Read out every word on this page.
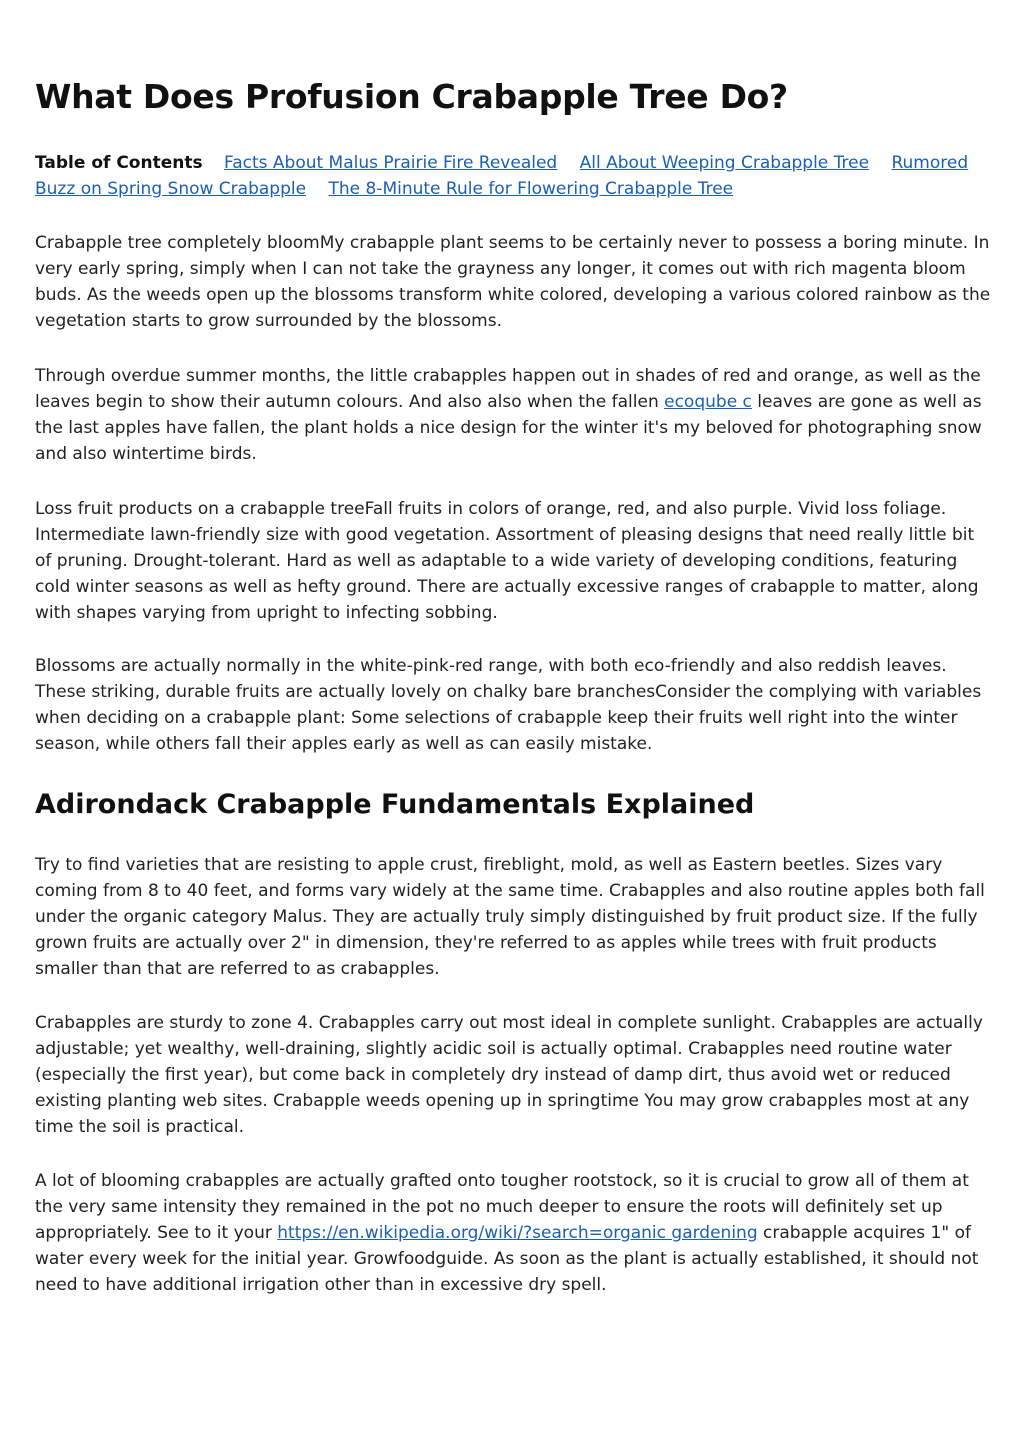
What Does Profusion Crabapple Tree Do?
Table of Contents Facts About Malus Prairie Fire Revealed All About Weeping Crabapple Tree Rumored Buzz on Spring Snow Crabapple The 8-Minute Rule for Flowering Crabapple Tree

Crabapple tree completely bloomMy crabapple plant seems to be certainly never to possess a boring minute. In very early spring, simply when I can not take the grayness any longer, it comes out with rich magenta bloom buds. As the weeds open up the blossoms transform white colored, developing a various colored rainbow as the vegetation starts to grow surrounded by the blossoms.

Through overdue summer months, the little crabapples happen out in shades of red and orange, as well as the leaves begin to show their autumn colours. And also also when the fallen ecoqube c leaves are gone as well as the last apples have fallen, the plant holds a nice design for the winter it's my beloved for photographing snow and also wintertime birds.

Loss fruit products on a crabapple treeFall fruits in colors of orange, red, and also purple. Vivid loss foliage. Intermediate lawn-friendly size with good vegetation. Assortment of pleasing designs that need really little bit of pruning. Drought-tolerant. Hard as well as adaptable to a wide variety of developing conditions, featuring cold winter seasons as well as hefty ground. There are actually excessive ranges of crabapple to matter, along with shapes varying from upright to infecting sobbing.

Blossoms are actually normally in the white-pink-red range, with both eco-friendly and also reddish leaves. These striking, durable fruits are actually lovely on chalky bare branchesConsider the complying with variables when deciding on a crabapple plant: Some selections of crabapple keep their fruits well right into the winter season, while others fall their apples early as well as can easily mistake.

Adirondack Crabapple Fundamentals Explained

Try to find varieties that are resisting to apple crust, fireblight, mold, as well as Eastern beetles. Sizes vary coming from 8 to 40 feet, and forms vary widely at the same time. Crabapples and also routine apples both fall under the organic category Malus. They are actually truly simply distinguished by fruit product size. If the fully grown fruits are actually over 2" in dimension, they're referred to as apples while trees with fruit products smaller than that are referred to as crabapples.

Crabapples are sturdy to zone 4. Crabapples carry out most ideal in complete sunlight. Crabapples are actually adjustable; yet wealthy, well-draining, slightly acidic soil is actually optimal. Crabapples need routine water (especially the first year), but come back in completely dry instead of damp dirt, thus avoid wet or reduced existing planting web sites. Crabapple weeds opening up in springtime You may grow crabapples most at any time the soil is practical.

A lot of blooming crabapples are actually grafted onto tougher rootstock, so it is crucial to grow all of them at the very same intensity they remained in the pot no much deeper to ensure the roots will definitely set up appropriately. See to it your https://en.wikipedia.org/wiki/?search=organic gardening crabapple acquires 1" of water every week for the initial year. Growfoodguide. As soon as the plant is actually established, it should not need to have additional irrigation other than in excessive dry spell.
